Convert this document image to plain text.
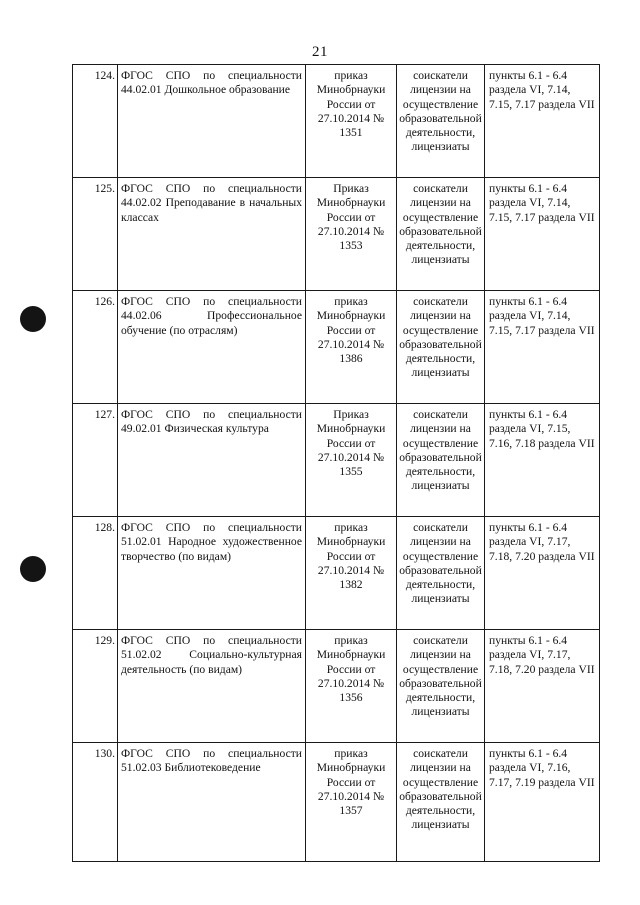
21
124.	ФГОС СПО по специальности 44.02.01 Дошкольное образование	приказ Минобрнауки России от 27.10.2014 № 1351	соискатели лицензии на осуществление образовательной деятельности, лицензиаты	пункты 6.1 - 6.4 раздела VI, 7.14, 7.15, 7.17 раздела VII
125.	ФГОС СПО по специальности 44.02.02 Преподавание в начальных классах	Приказ Минобрнауки России от 27.10.2014 № 1353	соискатели лицензии на осуществление образовательной деятельности, лицензиаты	пункты 6.1 - 6.4 раздела VI, 7.14, 7.15, 7.17 раздела VII
126.	ФГОС СПО по специальности 44.02.06 Профессиональное обучение (по отраслям)	приказ Минобрнауки России от 27.10.2014 № 1386	соискатели лицензии на осуществление образовательной деятельности, лицензиаты	пункты 6.1 - 6.4 раздела VI, 7.14, 7.15, 7.17 раздела VII
127.	ФГОС СПО по специальности 49.02.01 Физическая культура	Приказ Минобрнауки России от 27.10.2014 № 1355	соискатели лицензии на осуществление образовательной деятельности, лицензиаты	пункты 6.1 - 6.4 раздела VI, 7.15, 7.16, 7.18 раздела VII
128.	ФГОС СПО по специальности 51.02.01 Народное художественное творчество (по видам)	приказ Минобрнауки России от 27.10.2014 № 1382	соискатели лицензии на осуществление образовательной деятельности, лицензиаты	пункты 6.1 - 6.4 раздела VI, 7.17, 7.18, 7.20 раздела VII
129.	ФГОС СПО по специальности 51.02.02 Социально-культурная деятельность (по видам)	приказ Минобрнауки России от 27.10.2014 № 1356	соискатели лицензии на осуществление образовательной деятельности, лицензиаты	пункты 6.1 - 6.4 раздела VI, 7.17, 7.18, 7.20 раздела VII
130.	ФГОС СПО по специальности 51.02.03 Библиотековедение	приказ Минобрнауки России от 27.10.2014 № 1357	соискатели лицензии на осуществление образовательной деятельности, лицензиаты	пункты 6.1 - 6.4 раздела VI, 7.16, 7.17, 7.19 раздела VII
